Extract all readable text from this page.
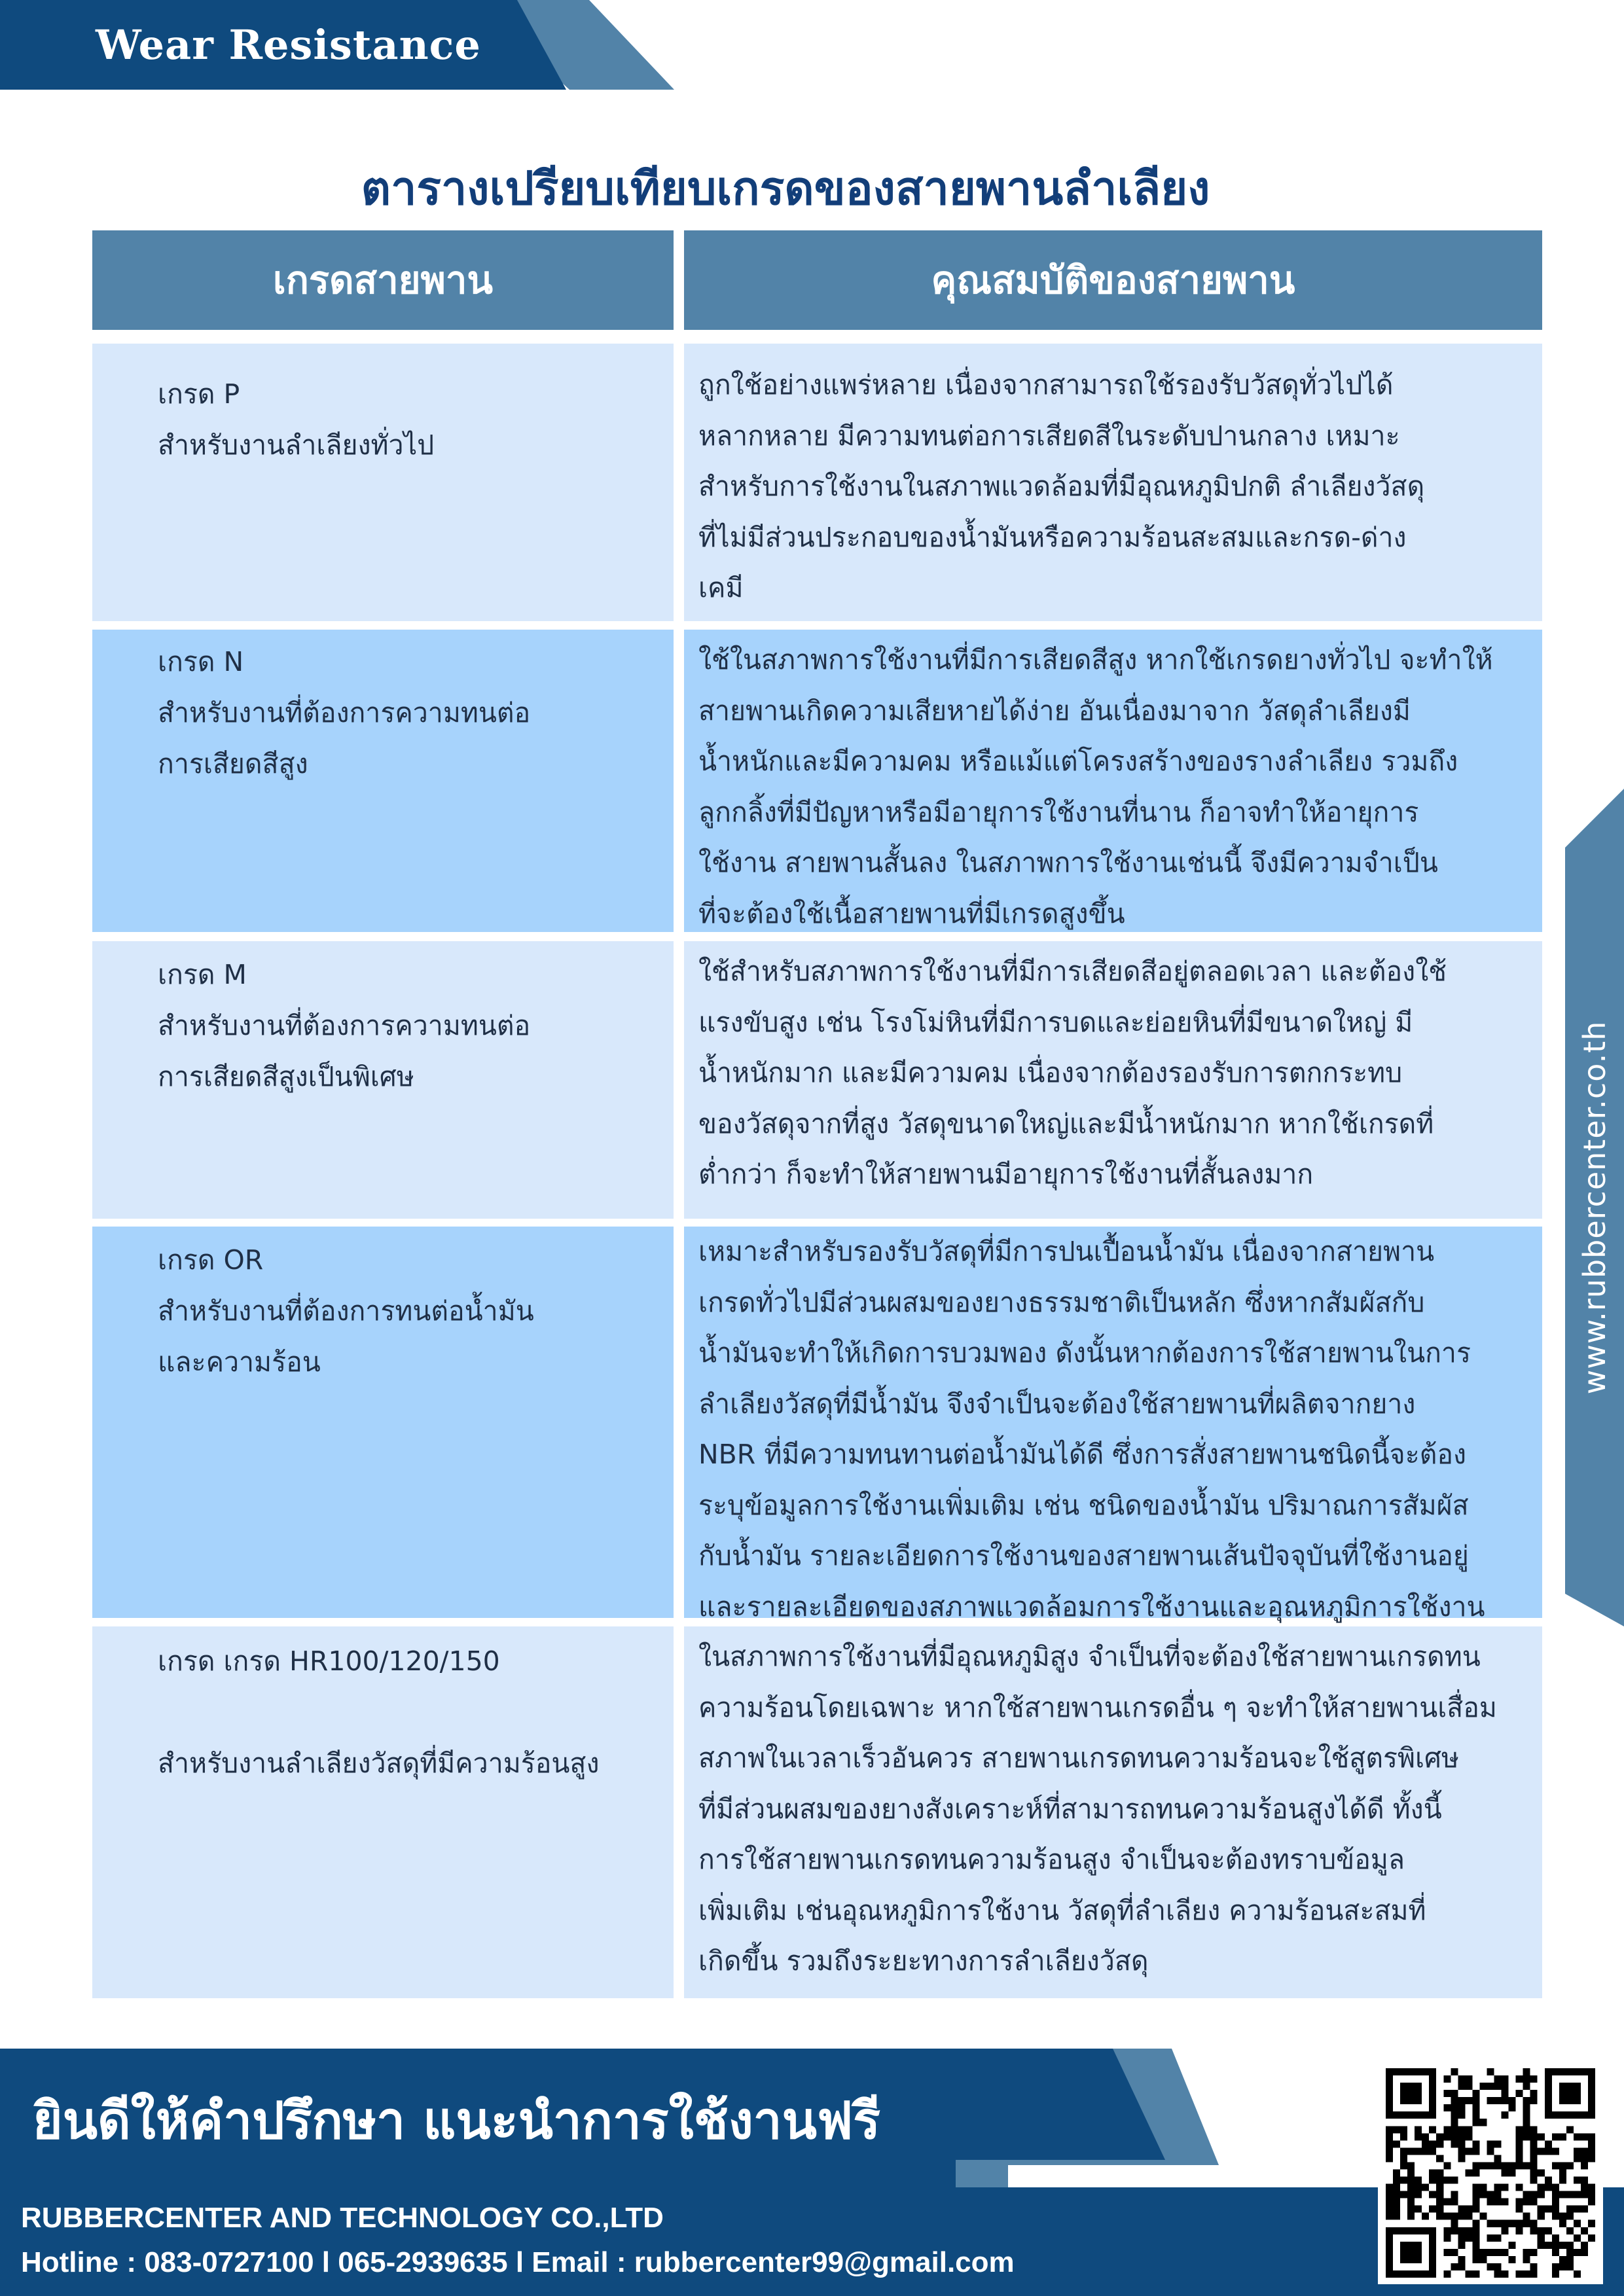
Wear Resistance
ตารางเปรียบเทียบเกรดของสายพานลำเลียง
เกรดสายพาน	คุณสมบัติของสายพาน
เกรด P
สำหรับงานลำเลียงทั่วไป

ถูกใช้อย่างแพร่หลาย เนื่องจากสามารถใช้รองรับวัสดุทั่วไปได้

หลากหลาย มีความทนต่อการเสียดสีในระดับปานกลาง เหมาะ

สำหรับการใช้งานในสภาพแวดล้อมที่มีอุณหภูมิปกติ ลำเลียงวัสดุ

ที่ไม่มีส่วนประกอบของน้ำมันหรือความร้อนสะสมและกรด-ด่าง

เคมี

เกรด N
สำหรับงานที่ต้องการความทนต่อ
การเสียดสีสูง

ใช้ในสภาพการใช้งานที่มีการเสียดสีสูง หากใช้เกรดยางทั่วไป จะทำให้

สายพานเกิดความเสียหายได้ง่าย อันเนื่องมาจาก วัสดุลำเลียงมี

น้ำหนักและมีความคม หรือแม้แต่โครงสร้างของรางลำเลียง รวมถึง

ลูกกลิ้งที่มีปัญหาหรือมีอายุการใช้งานที่นาน ก็อาจทำให้อายุการ

ใช้งาน สายพานสั้นลง ในสภาพการใช้งานเช่นนี้ จึงมีความจำเป็น

ที่จะต้องใช้เนื้อสายพานที่มีเกรดสูงขึ้น

เกรด M
สำหรับงานที่ต้องการความทนต่อ
การเสียดสีสูงเป็นพิเศษ

ใช้สำหรับสภาพการใช้งานที่มีการเสียดสีอยู่ตลอดเวลา และต้องใช้

แรงขับสูง เช่น โรงโม่หินที่มีการบดและย่อยหินที่มีขนาดใหญ่ มี

น้ำหนักมาก และมีความคม เนื่องจากต้องรองรับการตกกระทบ

ของวัสดุจากที่สูง วัสดุขนาดใหญ่และมีน้ำหนักมาก หากใช้เกรดที่

ต่ำกว่า ก็จะทำให้สายพานมีอายุการใช้งานที่สั้นลงมาก

เกรด OR
สำหรับงานที่ต้องการทนต่อน้ำมัน
และความร้อน

เหมาะสำหรับรองรับวัสดุที่มีการปนเปื้อนน้ำมัน เนื่องจากสายพาน

เกรดทั่วไปมีส่วนผสมของยางธรรมชาติเป็นหลัก ซึ่งหากสัมผัสกับ

น้ำมันจะทำให้เกิดการบวมพอง ดังนั้นหากต้องการใช้สายพานในการ

ลำเลียงวัสดุที่มีน้ำมัน จึงจำเป็นจะต้องใช้สายพานที่ผลิตจากยาง

NBR ที่มีความทนทานต่อน้ำมันได้ดี ซึ่งการสั่งสายพานชนิดนี้จะต้อง

ระบุข้อมูลการใช้งานเพิ่มเติม เช่น ชนิดของน้ำมัน ปริมาณการสัมผัส

กับน้ำมัน รายละเอียดการใช้งานของสายพานเส้นปัจจุบันที่ใช้งานอยู่

และรายละเอียดของสภาพแวดล้อมการใช้งานและอุณหภูมิการใช้งาน

เกรด เกรด HR100/120/150
สำหรับงานลำเลียงวัสดุที่มีความร้อนสูง

ในสภาพการใช้งานที่มีอุณหภูมิสูง จำเป็นที่จะต้องใช้สายพานเกรดทน

ความร้อนโดยเฉพาะ หากใช้สายพานเกรดอื่น ๆ จะทำให้สายพานเสื่อม

สภาพในเวลาเร็วอันควร สายพานเกรดทนความร้อนจะใช้สูตรพิเศษ

ที่มีส่วนผสมของยางสังเคราะห์ที่สามารถทนความร้อนสูงได้ดี ทั้งนี้

การใช้สายพานเกรดทนความร้อนสูง จำเป็นจะต้องทราบข้อมูล

เพิ่มเติม เช่นอุณหภูมิการใช้งาน วัสดุที่ลำเลียง ความร้อนสะสมที่

เกิดขึ้น รวมถึงระยะทางการลำเลียงวัสดุ

www.rubbercenter.co.th
ยินดีให้คำปรึกษา แนะนำการใช้งานฟรี
RUBBERCENTER AND TECHNOLOGY CO.,LTD
Hotline : 083-0727100 l 065-2939635 l Email : rubbercenter99@gmail.com
